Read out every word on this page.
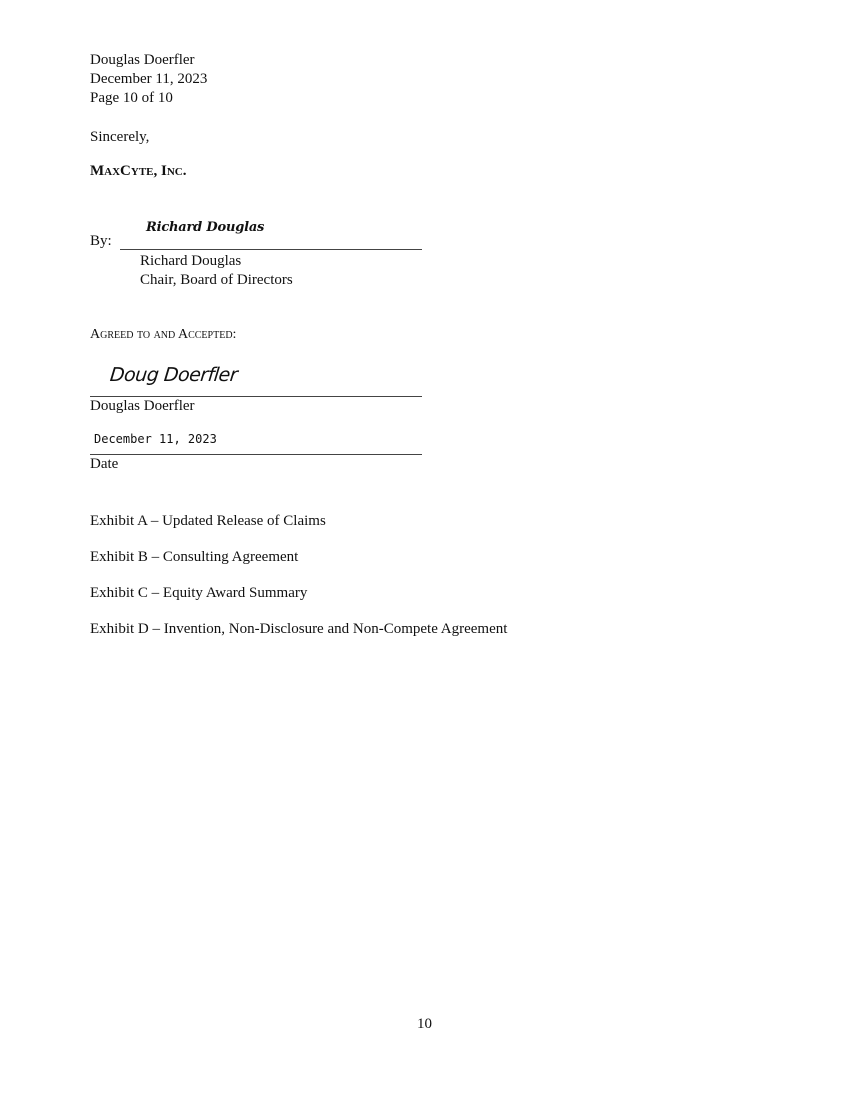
Douglas Doerfler
December 11, 2023
Page 10 of 10
Sincerely,
MaxCyte, Inc.
Richard Douglas
By:
Richard Douglas
Chair, Board of Directors
Agreed to and Accepted:
Doug Doerfler
Douglas Doerfler
December 11, 2023
Date
Exhibit A – Updated Release of Claims
Exhibit B – Consulting Agreement
Exhibit C – Equity Award Summary
Exhibit D – Invention, Non-Disclosure and Non-Compete Agreement
10
